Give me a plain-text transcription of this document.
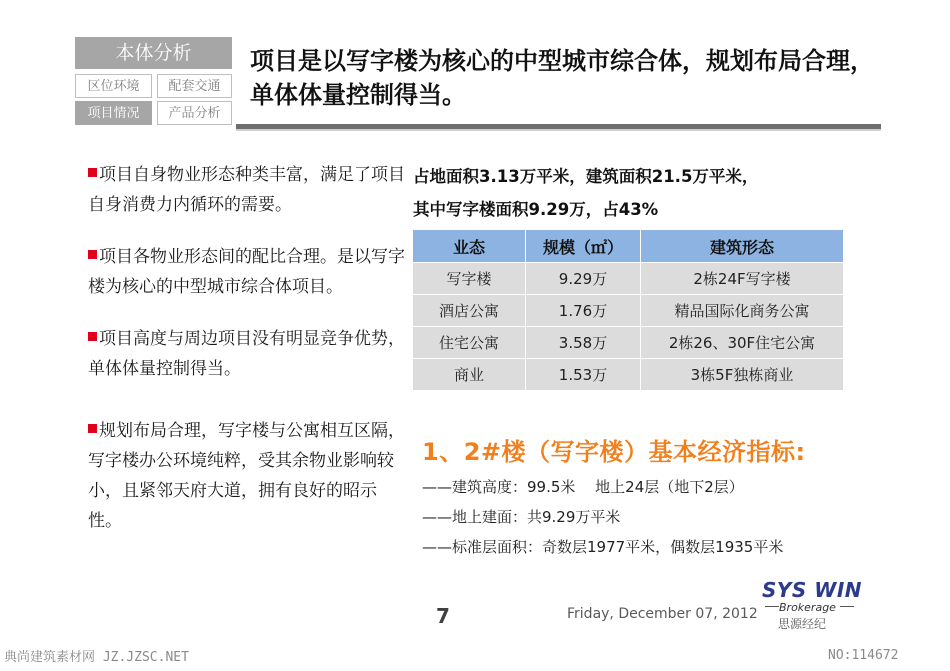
本体分析
区位环境	配套交通
项目情况	产品分析
项目是以写字楼为核心的中型城市综合体，规划布局合理，单体体量控制得当。
项目自身物业形态种类丰富，满足了项目自身消费力内循环的需要。
项目各物业形态间的配比合理。是以写字楼为核心的中型城市综合体项目。
项目高度与周边项目没有明显竞争优势，单体体量控制得当。
规划布局合理，写字楼与公寓相互区隔，写字楼办公环境纯粹，受其余物业影响较小，且紧邻天府大道，拥有良好的昭示性。
占地面积3.13万平米，建筑面积21.5万平米，
其中写字楼面积9.29万，占43%
业态	规模（㎡）	建筑形态
写字楼	9.29万	2栋24F写字楼
酒店公寓	1.76万	精品国际化商务公寓
住宅公寓	3.58万	2栋26、30F住宅公寓
商业	1.53万	3栋5F独栋商业
1、2#楼（写字楼）基本经济指标:
——建筑高度：99.5米　 地上24层（地下2层）
——地上建面：共9.29万平米
——标准层面积：奇数层1977平米，偶数层1935平米
7	Friday, December 07, 2012
SYS WIN
Brokerage
思源经纪
典尚建筑素材网 JZ.JZSC.NET	NO:114672
